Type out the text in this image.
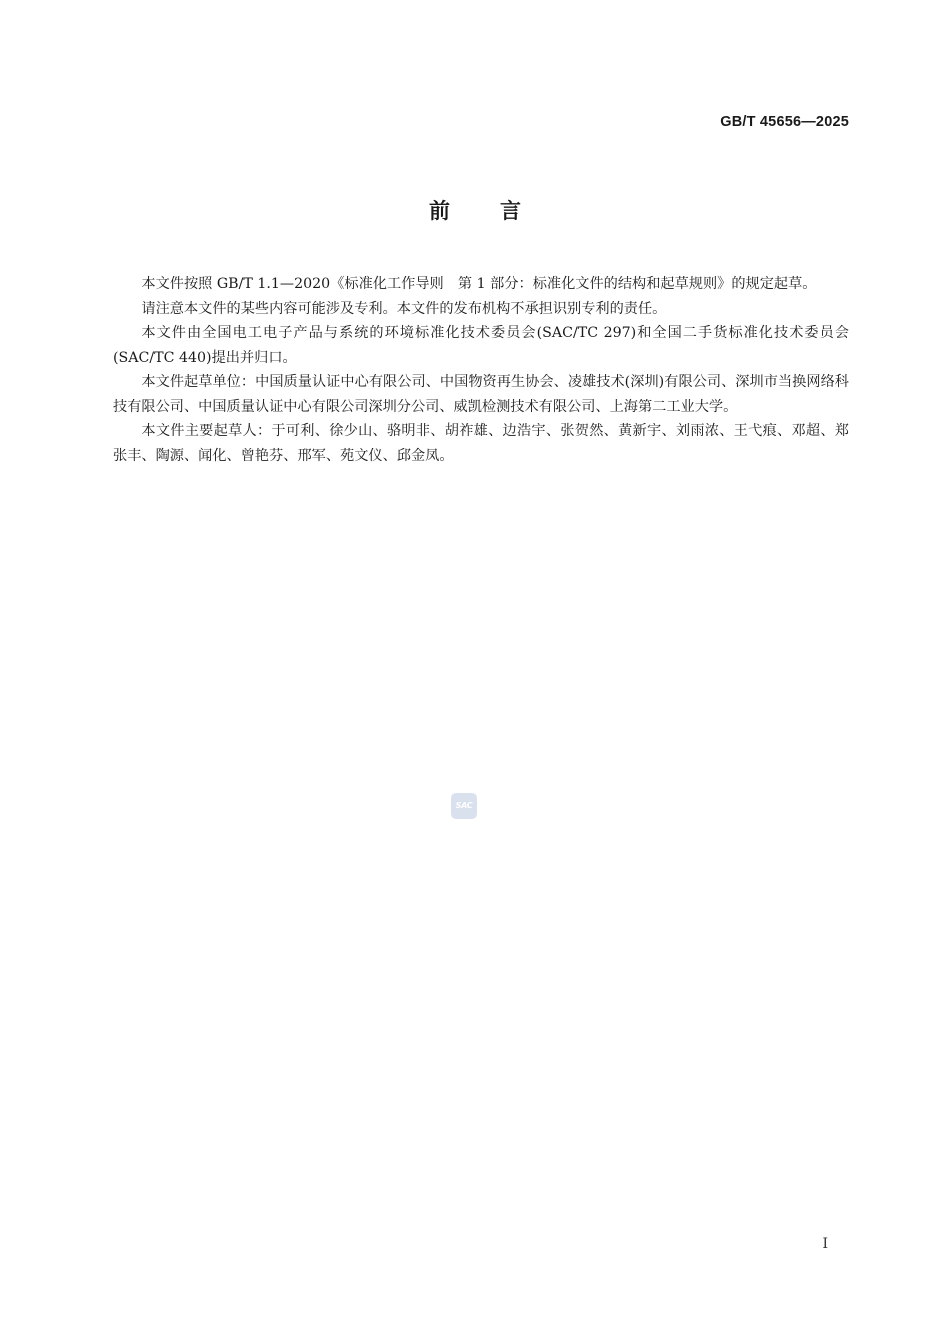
GB/T 45656—2025
前言

本文件按照 GB/T 1.1—2020《标准化工作导则　第 1 部分：标准化文件的结构和起草规则》的规定起草。

请注意本文件的某些内容可能涉及专利。本文件的发布机构不承担识别专利的责任。

本文件由全国电工电子产品与系统的环境标准化技术委员会(SAC/TC 297)和全国二手货标准化技术委员会(SAC/TC 440)提出并归口。

本文件起草单位：中国质量认证中心有限公司、中国物资再生协会、凌雄技术(深圳)有限公司、深圳市当换网络科技有限公司、中国质量认证中心有限公司深圳分公司、威凯检测技术有限公司、上海第二工业大学。

本文件主要起草人：于可利、徐少山、骆明非、胡祚雄、边浩宇、张贺然、黄新宇、刘雨浓、王弋痕、邓超、郑张丰、陶源、闻化、曾艳芬、邢军、苑文仪、邱金凤。

SAC
I
